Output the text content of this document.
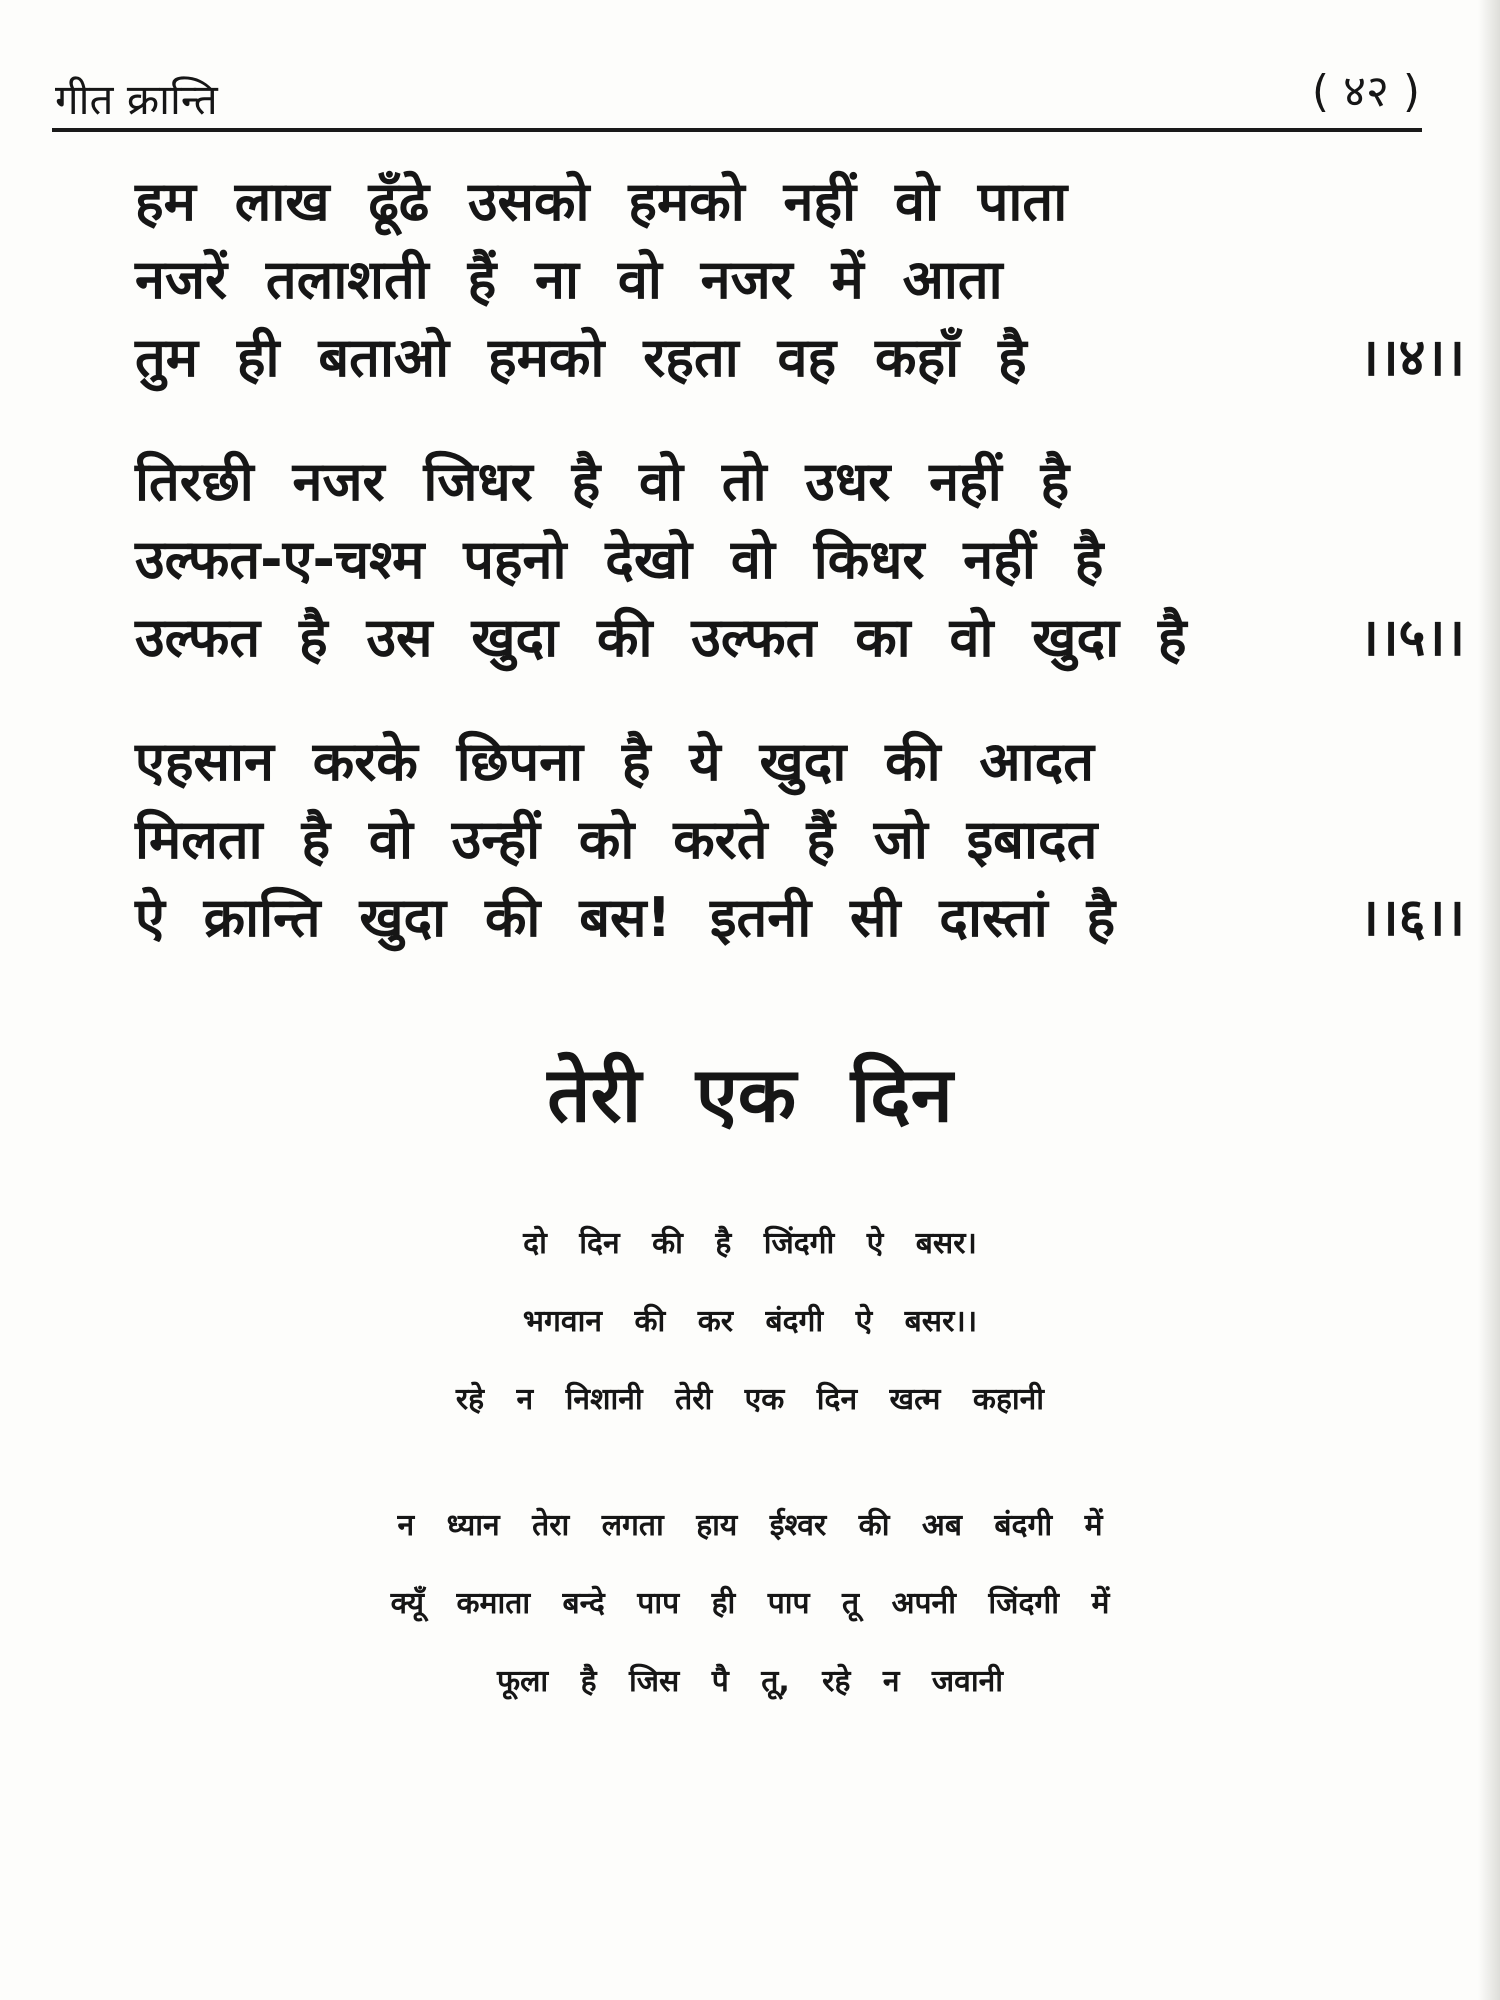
गीत क्रान्ति	( ४२ )
हम लाख ढूँढे उसको हमको नहीं वो पाता
नजरें तलाशती हैं ना वो नजर में आता
तुम ही बताओ हमको रहता वह कहाँ है	।।४।।
तिरछी नजर जिधर है वो तो उधर नहीं है
उल्फत-ए-चश्म पहनो देखो वो किधर नहीं है
उल्फत है उस खुदा की उल्फत का वो खुदा है	।।५।।
एहसान करके छिपना है ये खुदा की आदत
मिलता है वो उन्हीं को करते हैं जो इबादत
ऐ क्रान्ति खुदा की बस! इतनी सी दास्तां है	।।६।।
तेरी एक दिन
दो दिन की है जिंदगी ऐ बसर।
भगवान की कर बंदगी ऐ बसर।।
रहे न निशानी तेरी एक दिन खत्म कहानी
न ध्यान तेरा लगता हाय ईश्वर की अब बंदगी में
क्यूँ कमाता बन्दे पाप ही पाप तू अपनी जिंदगी में
फूला है जिस पै तू, रहे न जवानी
